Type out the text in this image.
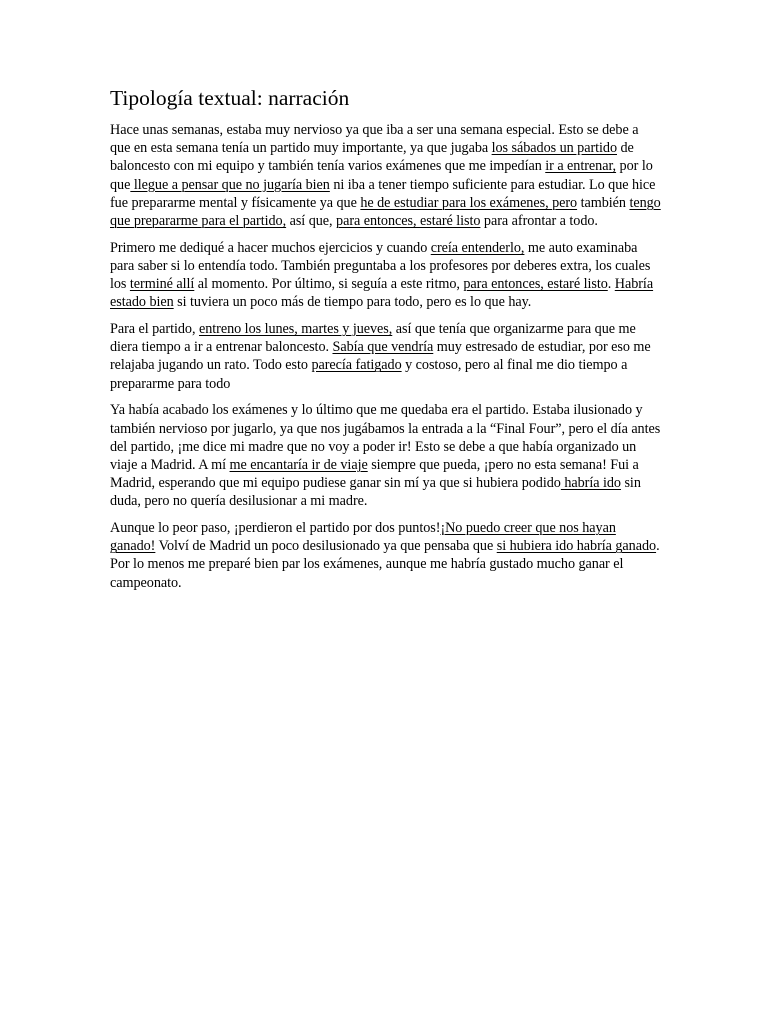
Tipología textual: narración

Hace unas semanas, estaba muy nervioso ya que iba a ser una semana especial. Esto se debe a que en esta semana tenía un partido muy importante, ya que jugaba los sábados un partido de baloncesto con mi equipo y también tenía varios exámenes que me impedían ir a entrenar, por lo que llegue a pensar que no jugaría bien ni iba a tener tiempo suficiente para estudiar. Lo que hice fue prepararme mental y físicamente ya que he de estudiar para los exámenes, pero también tengo que prepararme para el partido, así que, para entonces, estaré listo para afrontar a todo.

Primero me dediqué a hacer muchos ejercicios y cuando creía entenderlo, me auto examinaba para saber si lo entendía todo. También preguntaba a los profesores por deberes extra, los cuales los terminé allí al momento. Por último, si seguía a este ritmo, para entonces, estaré listo. Habría estado bien si tuviera un poco más de tiempo para todo, pero es lo que hay.

Para el partido, entreno los lunes, martes y jueves, así que tenía que organizarme para que me diera tiempo a ir a entrenar baloncesto. Sabía que vendría muy estresado de estudiar, por eso me relajaba jugando un rato. Todo esto parecía fatigado y costoso, pero al final me dio tiempo a prepararme para todo

Ya había acabado los exámenes y lo último que me quedaba era el partido. Estaba ilusionado y también nervioso por jugarlo, ya que nos jugábamos la entrada a la “Final Four”, pero el día antes del partido, ¡me dice mi madre que no voy a poder ir! Esto se debe a que había organizado un viaje a Madrid. A mí me encantaría ir de viaje siempre que pueda, ¡pero no esta semana! Fui a Madrid, esperando que mi equipo pudiese ganar sin mí ya que si hubiera podido habría ido sin duda, pero no quería desilusionar a mi madre.

Aunque lo peor paso, ¡perdieron el partido por dos puntos!¡No puedo creer que nos hayan ganado! Volví de Madrid un poco desilusionado ya que pensaba que si hubiera ido habría ganado. Por lo menos me preparé bien par los exámenes, aunque me habría gustado mucho ganar el campeonato.
